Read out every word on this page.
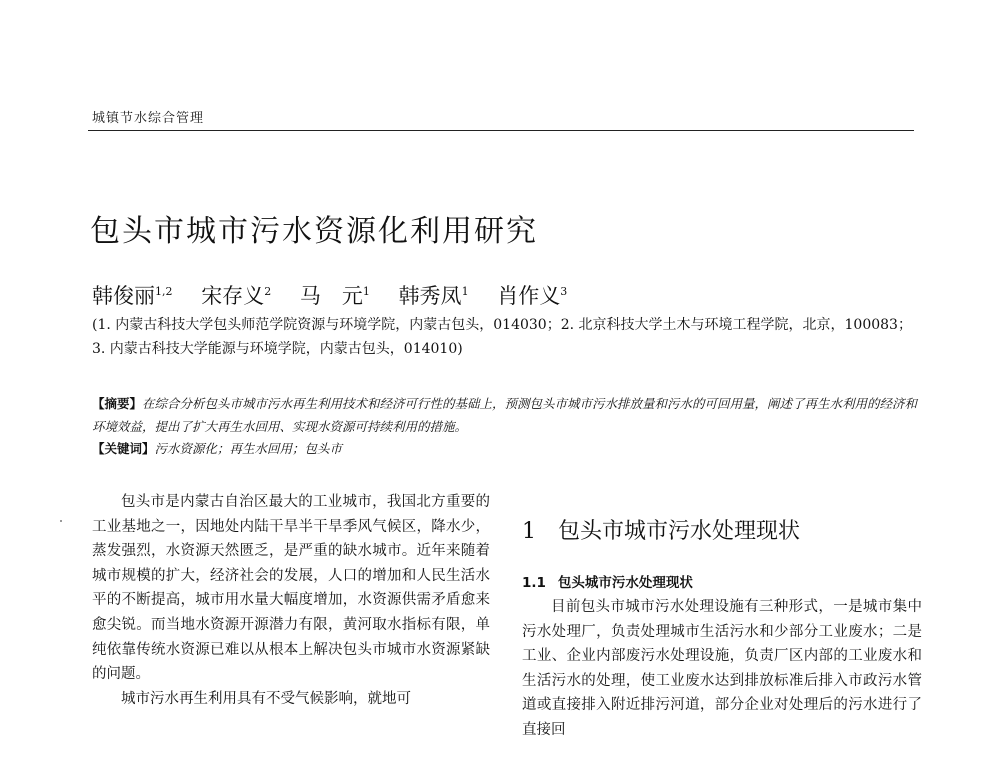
城镇节水综合管理
包头市城市污水资源化利用研究
韩俊丽$^{1,2}$ 宋存义$^2$ 马　元$^1$ 韩秀凤$^1$ 肖作义$^3$
(1. 内蒙古科技大学包头师范学院资源与环境学院，内蒙古包头，014030；2. 北京科技大学土木与环境工程学院，北京，100083；3. 内蒙古科技大学能源与环境学院，内蒙古包头，014010)
【摘要】在综合分析包头市城市污水再生利用技术和经济可行性的基础上，预测包头市城市污水排放量和污水的可回用量，阐述了再生水利用的经济和环境效益，提出了扩大再生水回用、实现水资源可持续利用的措施。
【关键词】污水资源化；再生水回用；包头市

包头市是内蒙古自治区最大的工业城市，我国北方重要的工业基地之一，因地处内陆干旱半干旱季风气候区，降水少，蒸发强烈，水资源天然匮乏，是严重的缺水城市。近年来随着城市规模的扩大，经济社会的发展，人口的增加和人民生活水平的不断提高，城市用水量大幅度增加，水资源供需矛盾愈来愈尖锐。而当地水资源开源潜力有限，黄河取水指标有限，单纯依靠传统水资源已难以从根本上解决包头市城市水资源紧缺的问题。

城市污水再生利用具有不受气候影响，就地可

1 包头市城市污水处理现状
1.1 包头城市污水处理现状

目前包头市城市污水处理设施有三种形式，一是城市集中污水处理厂，负责处理城市生活污水和少部分工业废水；二是工业、企业内部废污水处理设施，负责厂区内部的工业废水和生活污水的处理，使工业废水达到排放标准后排入市政污水管道或直接排入附近排污河道，部分企业对处理后的污水进行了直接回
